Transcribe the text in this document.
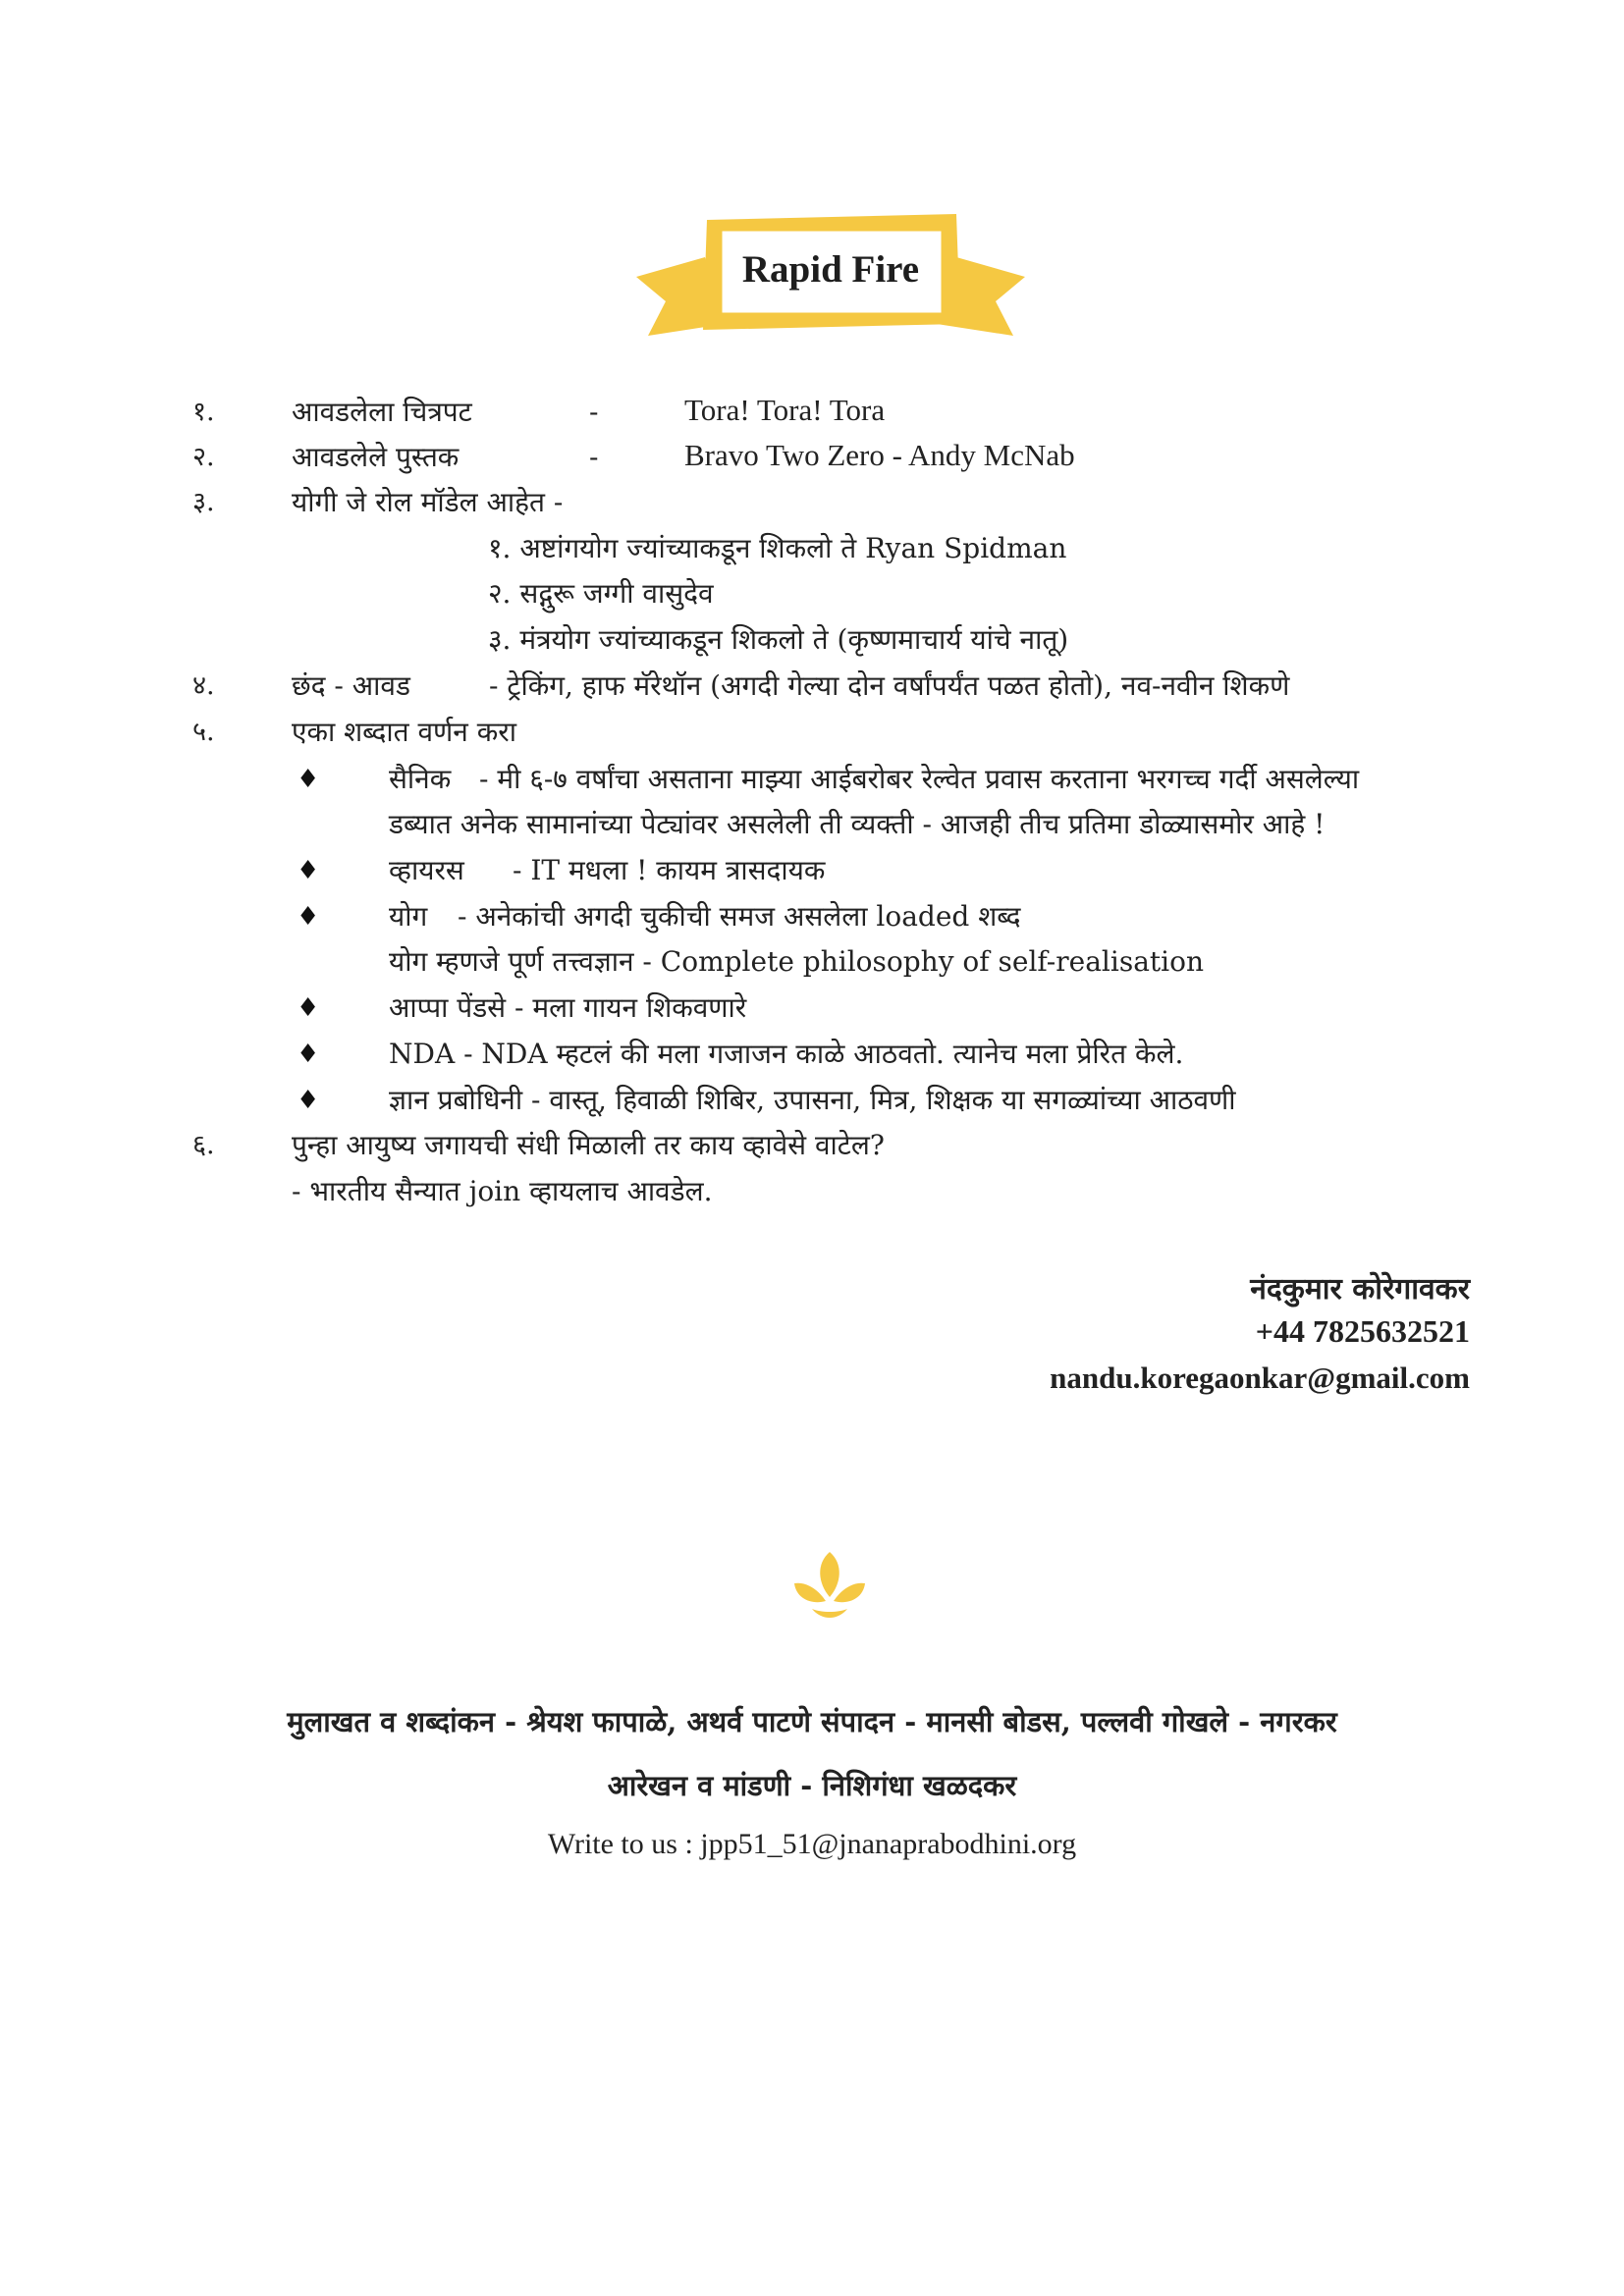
Rapid Fire
१.	आवडलेला चित्रपट	-	Tora! Tora! Tora
२.	आवडलेले पुस्तक	-	Bravo Two Zero - Andy McNab
३.	योगी जे रोल मॉडेल आहेत -
१. अष्टांगयोग ज्यांच्याकडून शिकलो ते Ryan Spidman
२. सद्गुरू जग्गी वासुदेव
३. मंत्रयोग ज्यांच्याकडून शिकलो ते (कृष्णमाचार्य यांचे नातू)
४.	छंद - आवड	- ट्रेकिंग, हाफ मॅरेथॉन (अगदी गेल्या दोन वर्षांपर्यंत पळत होतो), नव-नवीन शिकणे
५.	एका शब्दात वर्णन करा
♦	सैनिक - मी ६-७ वर्षांचा असताना माझ्या आईबरोबर रेल्वेत प्रवास करताना भरगच्च गर्दी असलेल्या
डब्यात अनेक सामानांच्या पेट्यांवर असलेली ती व्यक्ती - आजही तीच प्रतिमा डोळ्यासमोर आहे !
♦	व्हायरस - IT मधला ! कायम त्रासदायक
♦	योग - अनेकांची अगदी चुकीची समज असलेला loaded शब्द
योग म्हणजे पूर्ण तत्त्वज्ञान - Complete philosophy of self-realisation
♦	आप्पा पेंडसे - मला गायन शिकवणारे
♦	NDA - NDA म्हटलं की मला गजाजन काळे आठवतो. त्यानेच मला प्रेरित केले.
♦	ज्ञान प्रबोधिनी - वास्तू, हिवाळी शिबिर, उपासना, मित्र, शिक्षक या सगळ्यांच्या आठवणी
६.	पुन्हा आयुष्य जगायची संधी मिळाली तर काय व्हावेसे वाटेल?
- भारतीय सैन्यात join व्हायलाच आवडेल.
नंदकुमार कोरेगावकर
+44 7825632521
nandu.koregaonkar@gmail.com
मुलाखत व शब्दांकन - श्रेयश फापाळे, अथर्व पाटणे संपादन - मानसी बोडस, पल्लवी गोखले - नगरकर
आरेखन व मांडणी - निशिगंधा खळदकर
Write to us : jpp51_51@jnanaprabodhini.org
